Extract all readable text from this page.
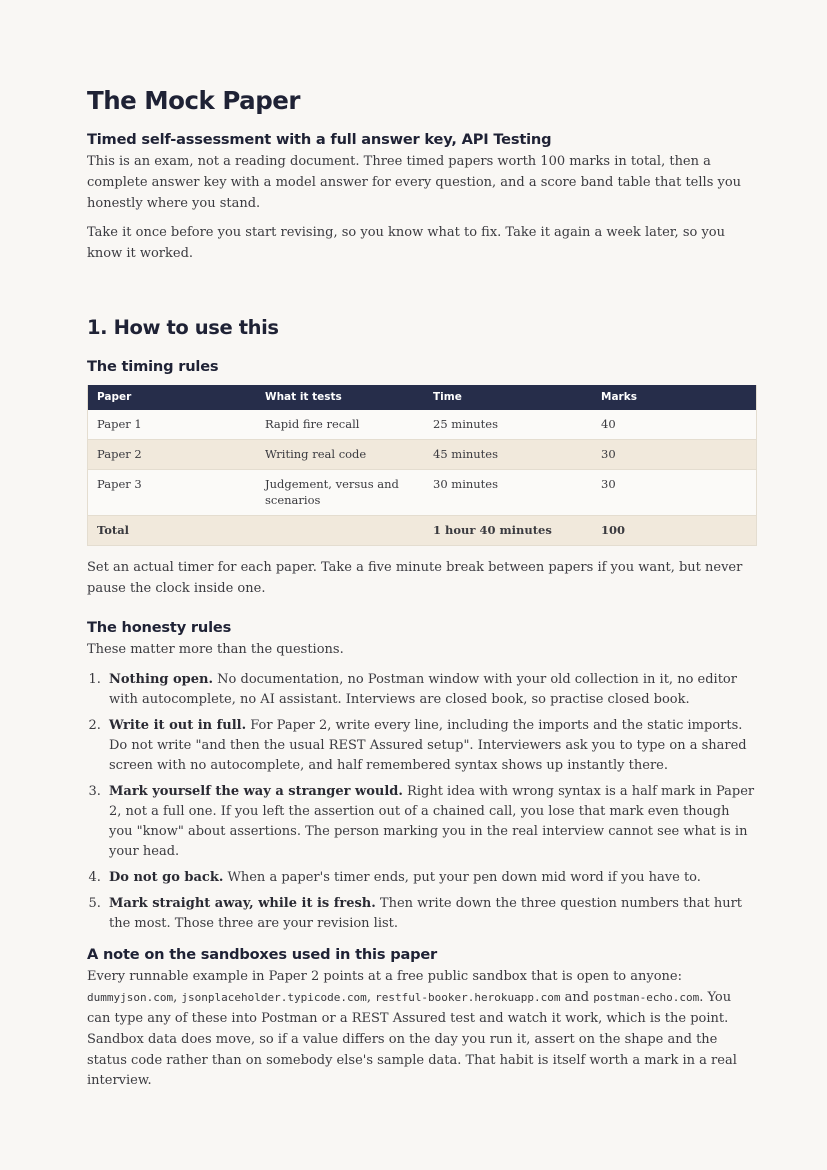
The Mock Paper
Timed self-assessment with a full answer key, API Testing

This is an exam, not a reading document. Three timed papers worth 100 marks in total, then a complete answer key with a model answer for every question, and a score band table that tells you honestly where you stand.

Take it once before you start revising, so you know what to fix. Take it again a week later, so you know it worked.

1. How to use this
The timing rules
Paper	What it tests	Time	Marks
Paper 1	Rapid fire recall	25 minutes	40
Paper 2	Writing real code	45 minutes	30
Paper 3	Judgement, versus and scenarios	30 minutes	30
Total		1 hour 40 minutes	100

Set an actual timer for each paper. Take a five minute break between papers if you want, but never pause the clock inside one.

The honesty rules

These matter more than the questions.

1. Nothing open. No documentation, no Postman window with your old collection in it, no editor with autocomplete, no AI assistant. Interviews are closed book, so practise closed book.
2. Write it out in full. For Paper 2, write every line, including the imports and the static imports. Do not write "and then the usual REST Assured setup". Interviewers ask you to type on a shared screen with no autocomplete, and half remembered syntax shows up instantly there.
3. Mark yourself the way a stranger would. Right idea with wrong syntax is a half mark in Paper 2, not a full one. If you left the assertion out of a chained call, you lose that mark even though you "know" about assertions. The person marking you in the real interview cannot see what is in your head.
4. Do not go back. When a paper's timer ends, put your pen down mid word if you have to.
5. Mark straight away, while it is fresh. Then write down the three question numbers that hurt the most. Those three are your revision list.
A note on the sandboxes used in this paper

Every runnable example in Paper 2 points at a free public sandbox that is open to anyone: dummyjson.com, jsonplaceholder.typicode.com, restful-booker.herokuapp.com and postman-echo.com. You can type any of these into Postman or a REST Assured test and watch it work, which is the point. Sandbox data does move, so if a value differs on the day you run it, assert on the shape and the status code rather than on somebody else's sample data. That habit is itself worth a mark in a real interview.
